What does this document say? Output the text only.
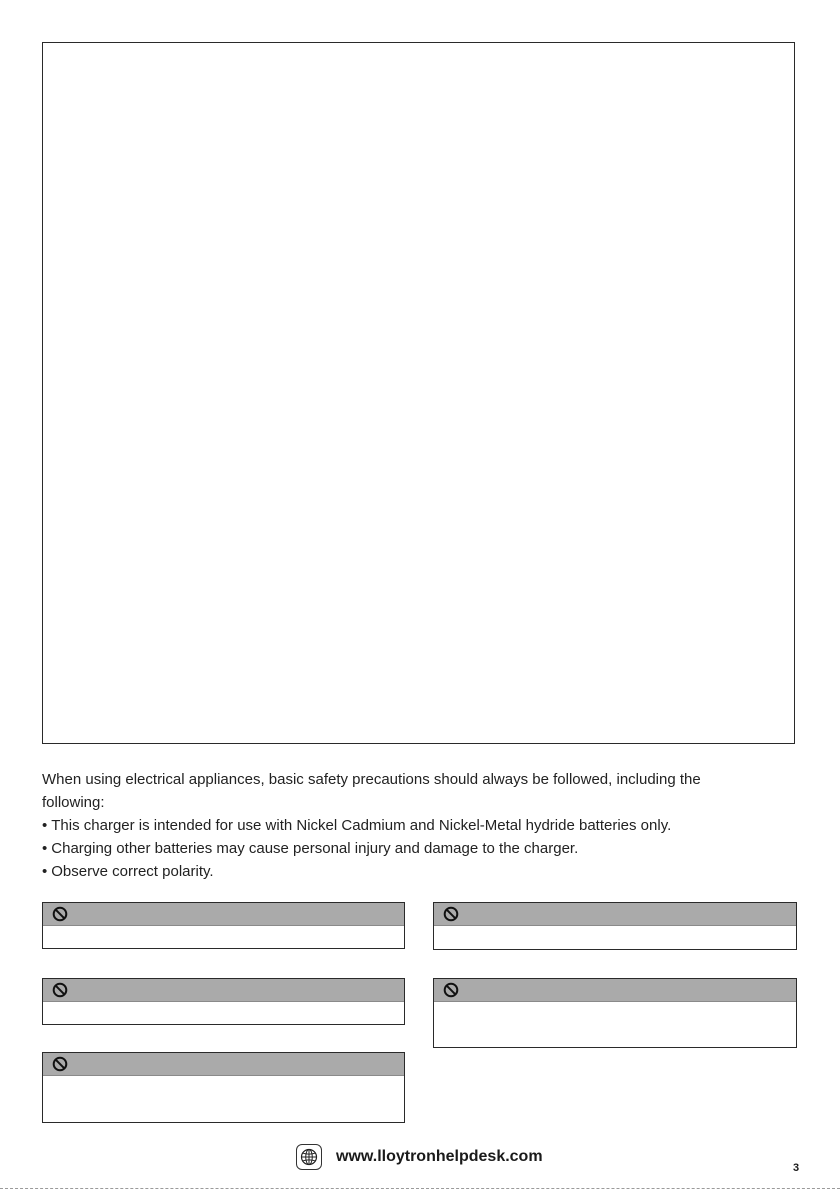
When using electrical appliances, basic safety precautions should always be followed, including the

following:

• This charger is intended for use with Nickel Cadmium and Nickel-Metal hydride batteries only.
• Charging other batteries may cause personal injury and damage to the charger.
• Observe correct polarity.
www.lloytronhelpdesk.com
3
